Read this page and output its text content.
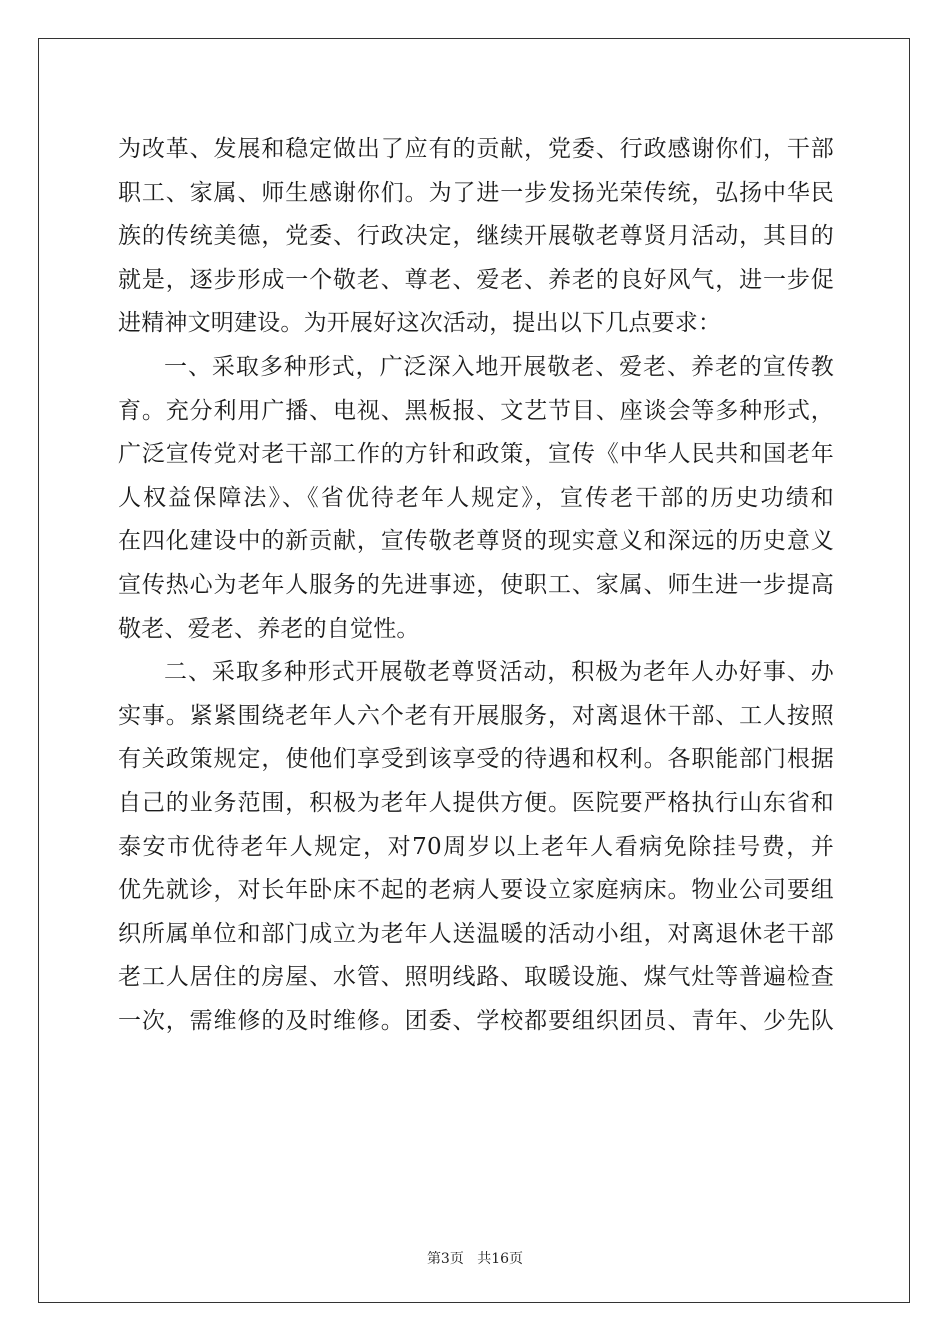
为改革、发展和稳定做出了应有的贡献，党委、行政感谢你们，干部
职工、家属、师生感谢你们。为了进一步发扬光荣传统，弘扬中华民
族的传统美德，党委、行政决定，继续开展敬老尊贤月活动，其目的
就是，逐步形成一个敬老、尊老、爱老、养老的良好风气，进一步促
进精神文明建设。为开展好这次活动，提出以下几点要求：
一、采取多种形式，广泛深入地开展敬老、爱老、养老的宣传教
育。充分利用广播、电视、黑板报、文艺节目、座谈会等多种形式，
广泛宣传党对老干部工作的方针和政策，宣传《中华人民共和国老年
人权益保障法》、《省优待老年人规定》，宣传老干部的历史功绩和
在四化建设中的新贡献，宣传敬老尊贤的现实意义和深远的历史意义
宣传热心为老年人服务的先进事迹，使职工、家属、师生进一步提高
敬老、爱老、养老的自觉性。
二、采取多种形式开展敬老尊贤活动，积极为老年人办好事、办
实事。紧紧围绕老年人六个老有开展服务，对离退休干部、工人按照
有关政策规定，使他们享受到该享受的待遇和权利。各职能部门根据
自己的业务范围，积极为老年人提供方便。医院要严格执行山东省和
泰安市优待老年人规定，对70周岁以上老年人看病免除挂号费，并
优先就诊，对长年卧床不起的老病人要设立家庭病床。物业公司要组
织所属单位和部门成立为老年人送温暖的活动小组，对离退休老干部
老工人居住的房屋、水管、照明线路、取暖设施、煤气灶等普遍检查
一次，需维修的及时维修。团委、学校都要组织团员、青年、少先队
第3页 共16页
